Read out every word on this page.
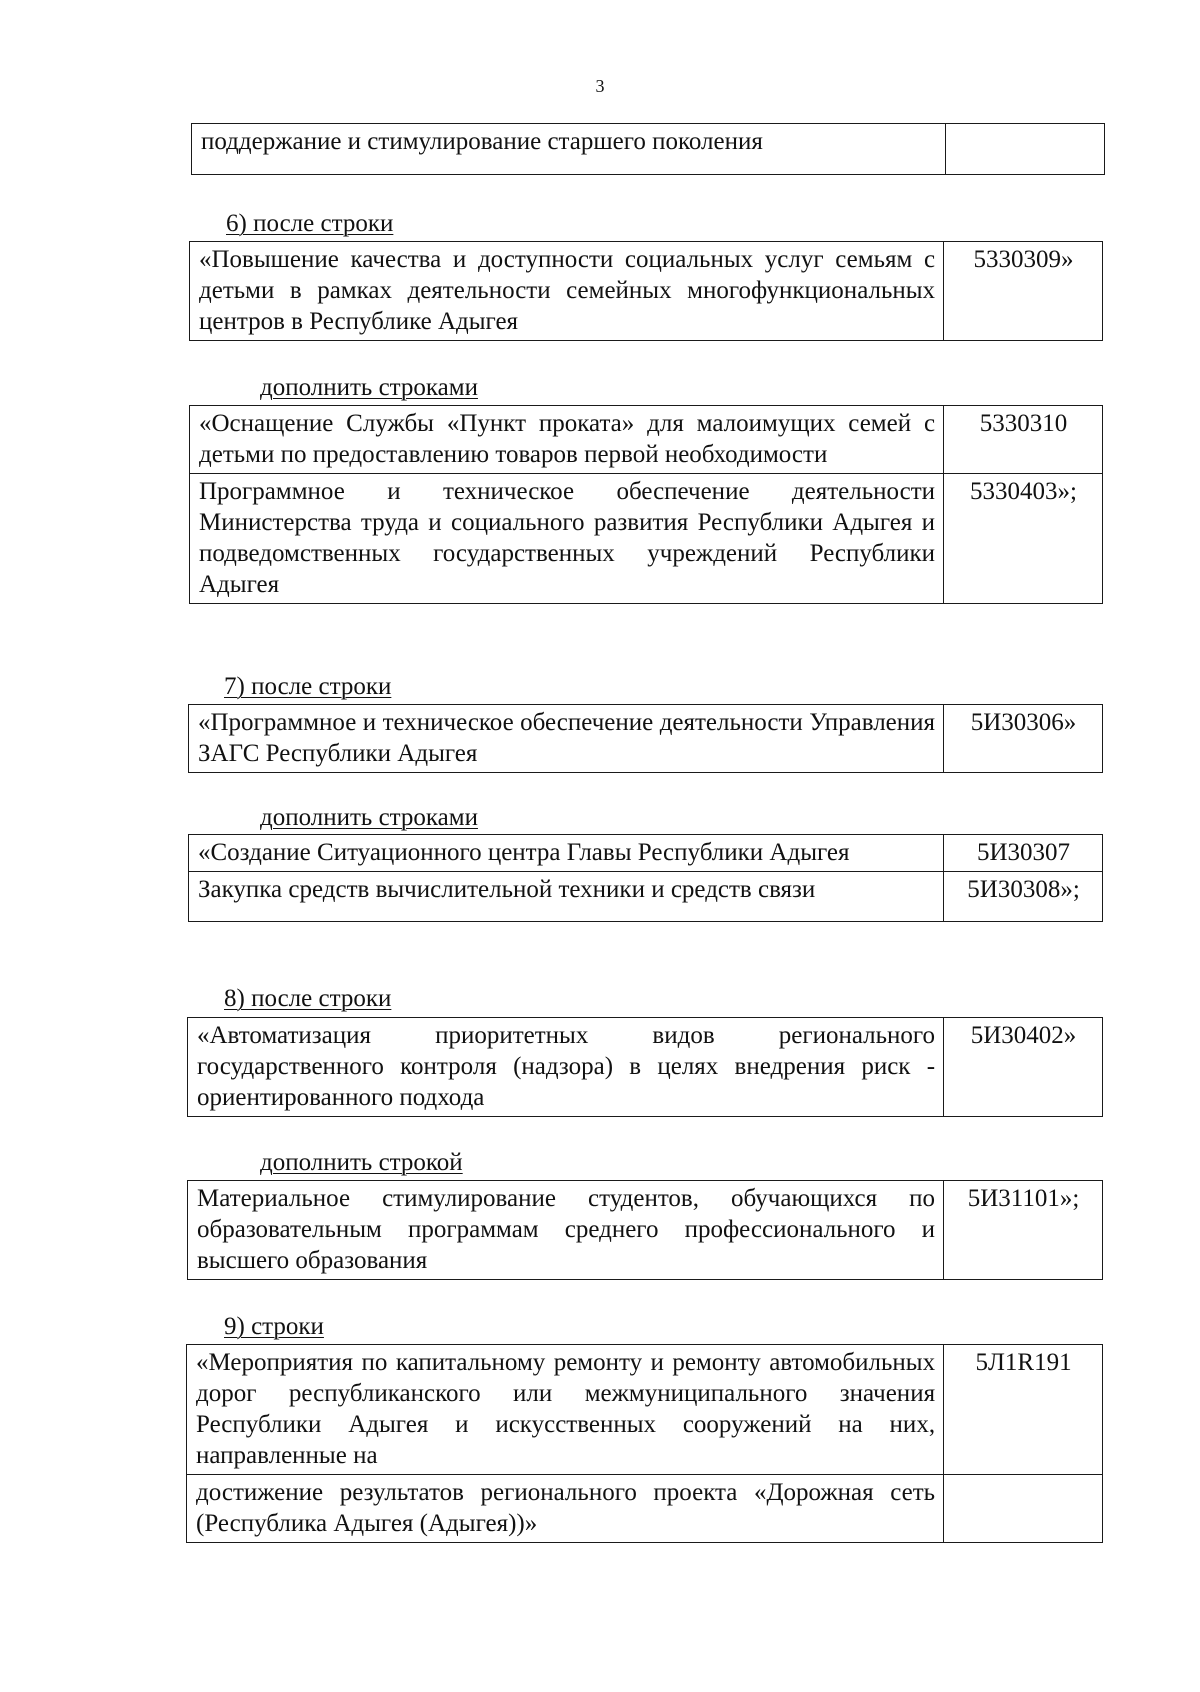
3
поддержание и стимулирование старшего поколения	
6) после строки
«Повышение качества и доступности социальных услуг семьям с детьми в рамках деятельности семейных многофункциональных центров в Республике Адыгея	5330309»
дополнить строками
«Оснащение Службы «Пункт проката» для малоимущих семей с детьми по предоставлению товаров первой необходимости	5330310
Программное и техническое обеспечение деятельности Министерства труда и социального развития Республики Адыгея и подведомственных государственных учреждений Республики Адыгея	5330403»;
7) после строки
«Программное и техническое обеспечение деятельности Управления ЗАГС Республики Адыгея	5И30306»
дополнить строками
«Создание Ситуационного центра Главы Республики Адыгея	5И30307
Закупка средств вычислительной техники и средств связи	5И30308»;
8) после строки
«Автоматизация приоритетных видов регионального государственного контроля (надзора) в целях внедрения риск - ориентированного подхода	5И30402»
дополнить строкой
Материальное стимулирование студентов, обучающихся по образовательным программам среднего профессионального и высшего образования	5И31101»;
9) строки
«Мероприятия по капитальному ремонту и ремонту автомобильных дорог республиканского или межмуниципального значения Республики Адыгея и искусственных сооружений на них, направленные на	5Л1R191
достижение результатов регионального проекта «Дорожная сеть (Республика Адыгея (Адыгея))»	
